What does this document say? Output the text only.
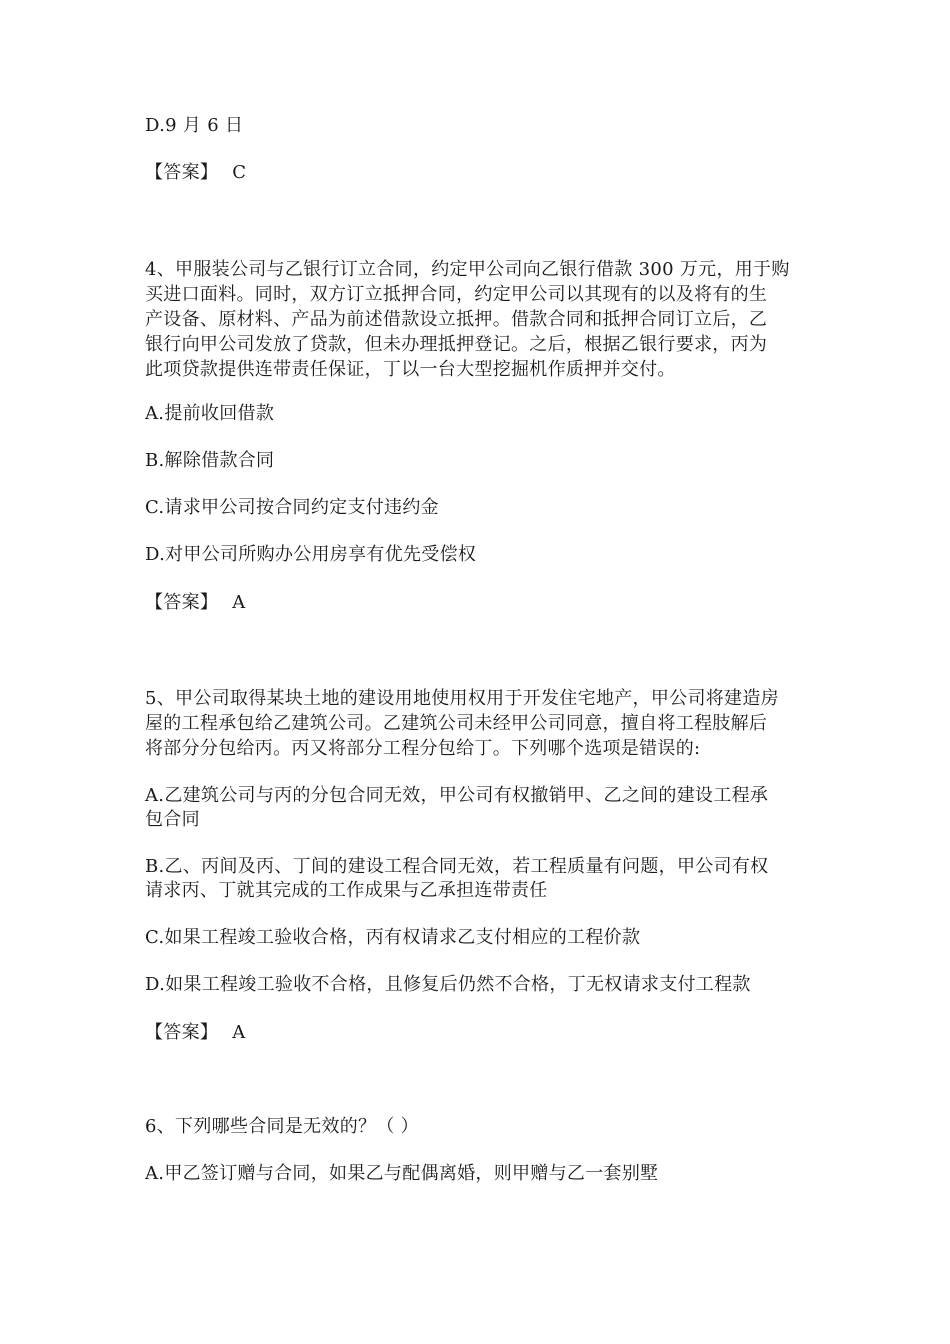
D.9 月 6 日
【答案】 C
4、甲服装公司与乙银行订立合同，约定甲公司向乙银行借款 300 万元，用于购
买进口面料。同时，双方订立抵押合同，约定甲公司以其现有的以及将有的生
产设备、原材料、产品为前述借款设立抵押。借款合同和抵押合同订立后，乙
银行向甲公司发放了贷款，但未办理抵押登记。之后，根据乙银行要求，丙为
此项贷款提供连带责任保证，丁以一台大型挖掘机作质押并交付。
A.提前收回借款
B.解除借款合同
C.请求甲公司按合同约定支付违约金
D.对甲公司所购办公用房享有优先受偿权
【答案】 A
5、甲公司取得某块土地的建设用地使用权用于开发住宅地产，甲公司将建造房
屋的工程承包给乙建筑公司。乙建筑公司未经甲公司同意，擅自将工程肢解后
将部分分包给丙。丙又将部分工程分包给丁。下列哪个选项是错误的:
A.乙建筑公司与丙的分包合同无效，甲公司有权撤销甲、乙之间的建设工程承
包合同
B.乙、丙间及丙、丁间的建设工程合同无效，若工程质量有问题，甲公司有权
请求丙、丁就其完成的工作成果与乙承担连带责任
C.如果工程竣工验收合格，丙有权请求乙支付相应的工程价款
D.如果工程竣工验收不合格，且修复后仍然不合格，丁无权请求支付工程款
【答案】 A
6、下列哪些合同是无效的？（ ）
A.甲乙签订赠与合同，如果乙与配偶离婚，则甲赠与乙一套别墅
